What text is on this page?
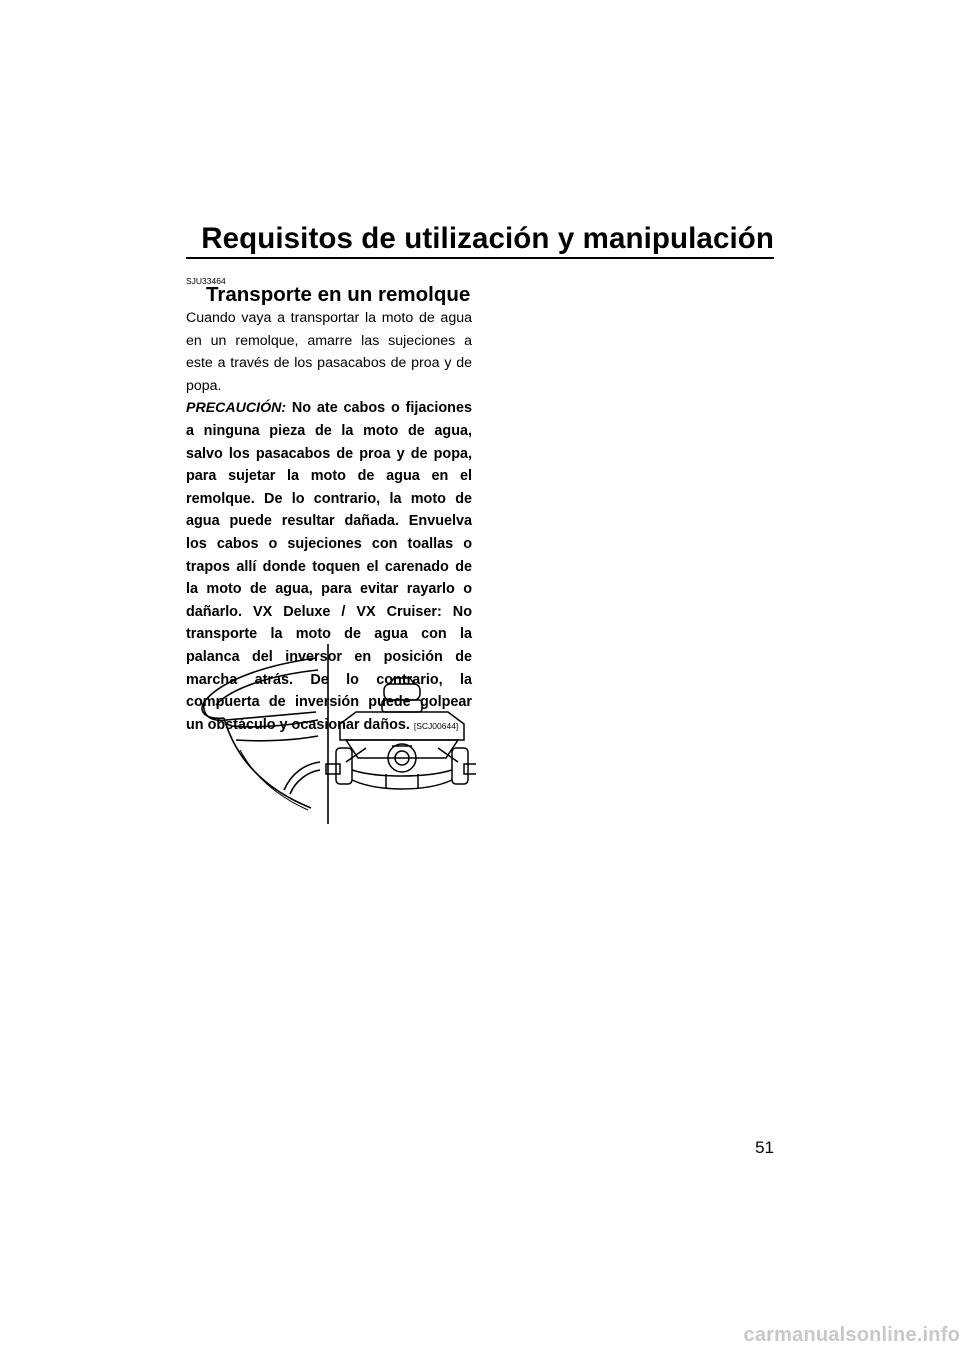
Requisitos de utilización y manipulación
SJU33464
Transporte en un remolque

Cuando vaya a transportar la moto de agua en un remolque, amarre las sujeciones a este a través de los pasacabos de proa y de popa.
PRECAUCIÓN: No ate cabos o fijaciones a ninguna pieza de la moto de agua, salvo los pasacabos de proa y de popa, para sujetar la moto de agua en el remolque. De lo contrario, la moto de agua puede resultar dañada. Envuelva los cabos o sujeciones con toallas o trapos allí donde toquen el carenado de la moto de agua, para evitar rayarlo o dañarlo. VX Deluxe / VX Cruiser: No transporte la moto de agua con la palanca del inversor en posición de marcha atrás. De lo contrario, la compuerta de inversión puede golpear un obstáculo y ocasionar daños. [SCJ00644]

51
carmanualsonline.info
